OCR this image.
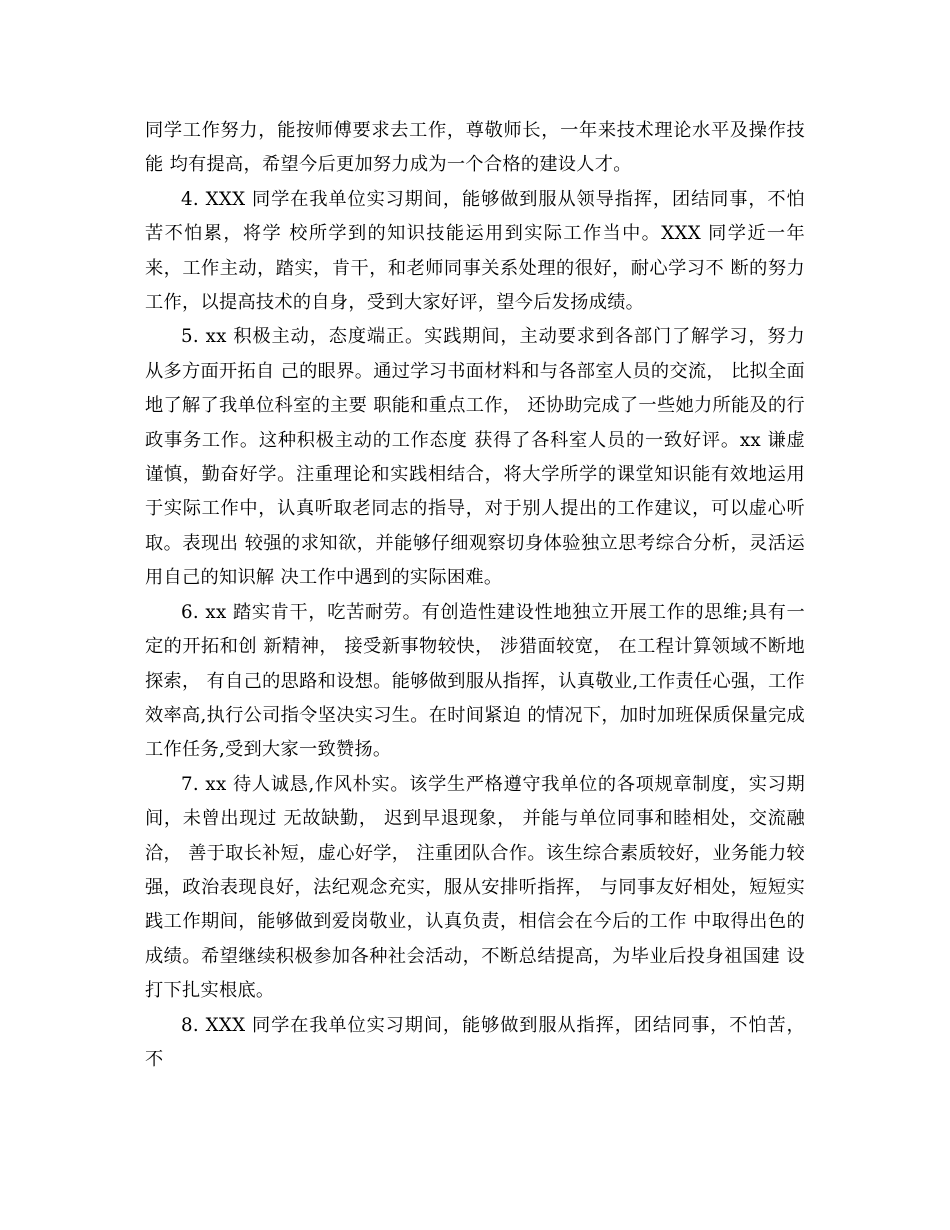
同学工作努力，能按师傅要求去工作，尊敬师长，一年来技术理论水平及操作技能 均有提高，希望今后更加努力成为一个合格的建设人才。

4. XXX 同学在我单位实习期间，能够做到服从领导指挥，团结同事，不怕苦不怕累，将学 校所学到的知识技能运用到实际工作当中。XXX 同学近一年来，工作主动，踏实，肯干，和老师同事关系处理的很好，耐心学习不 断的努力工作，以提高技术的自身，受到大家好评，望今后发扬成绩。

5. xx 积极主动，态度端正。实践期间，主动要求到各部门了解学习，努力从多方面开拓自 己的眼界。通过学习书面材料和与各部室人员的交流， 比拟全面地了解了我单位科室的主要 职能和重点工作， 还协助完成了一些她力所能及的行政事务工作。这种积极主动的工作态度 获得了各科室人员的一致好评。xx 谦虚谨慎，勤奋好学。注重理论和实践相结合，将大学所学的课堂知识能有效地运用于实际工作中，认真听取老同志的指导，对于别人提出的工作建议，可以虚心听取。表现出 较强的求知欲，并能够仔细观察切身体验独立思考综合分析，灵活运用自己的知识解 决工作中遇到的实际困难。

6. xx 踏实肯干，吃苦耐劳。有创造性建设性地独立开展工作的思维;具有一定的开拓和创 新精神， 接受新事物较快， 涉猎面较宽， 在工程计算领域不断地探索， 有自己的思路和设想。能够做到服从指挥，认真敬业,工作责任心强，工作效率高,执行公司指令坚决实习生。在时间紧迫 的情况下，加时加班保质保量完成工作任务,受到大家一致赞扬。

7. xx 待人诚恳,作风朴实。该学生严格遵守我单位的各项规章制度，实习期间，未曾出现过 无故缺勤， 迟到早退现象， 并能与单位同事和睦相处，交流融洽， 善于取长补短，虚心好学， 注重团队合作。该生综合素质较好，业务能力较强，政治表现良好，法纪观念充实，服从安排听指挥， 与同事友好相处，短短实践工作期间，能够做到爱岗敬业，认真负责，相信会在今后的工作 中取得出色的成绩。希望继续积极参加各种社会活动，不断总结提高，为毕业后投身祖国建 设打下扎实根底。

8. XXX 同学在我单位实习期间，能够做到服从指挥，团结同事，不怕苦，不
